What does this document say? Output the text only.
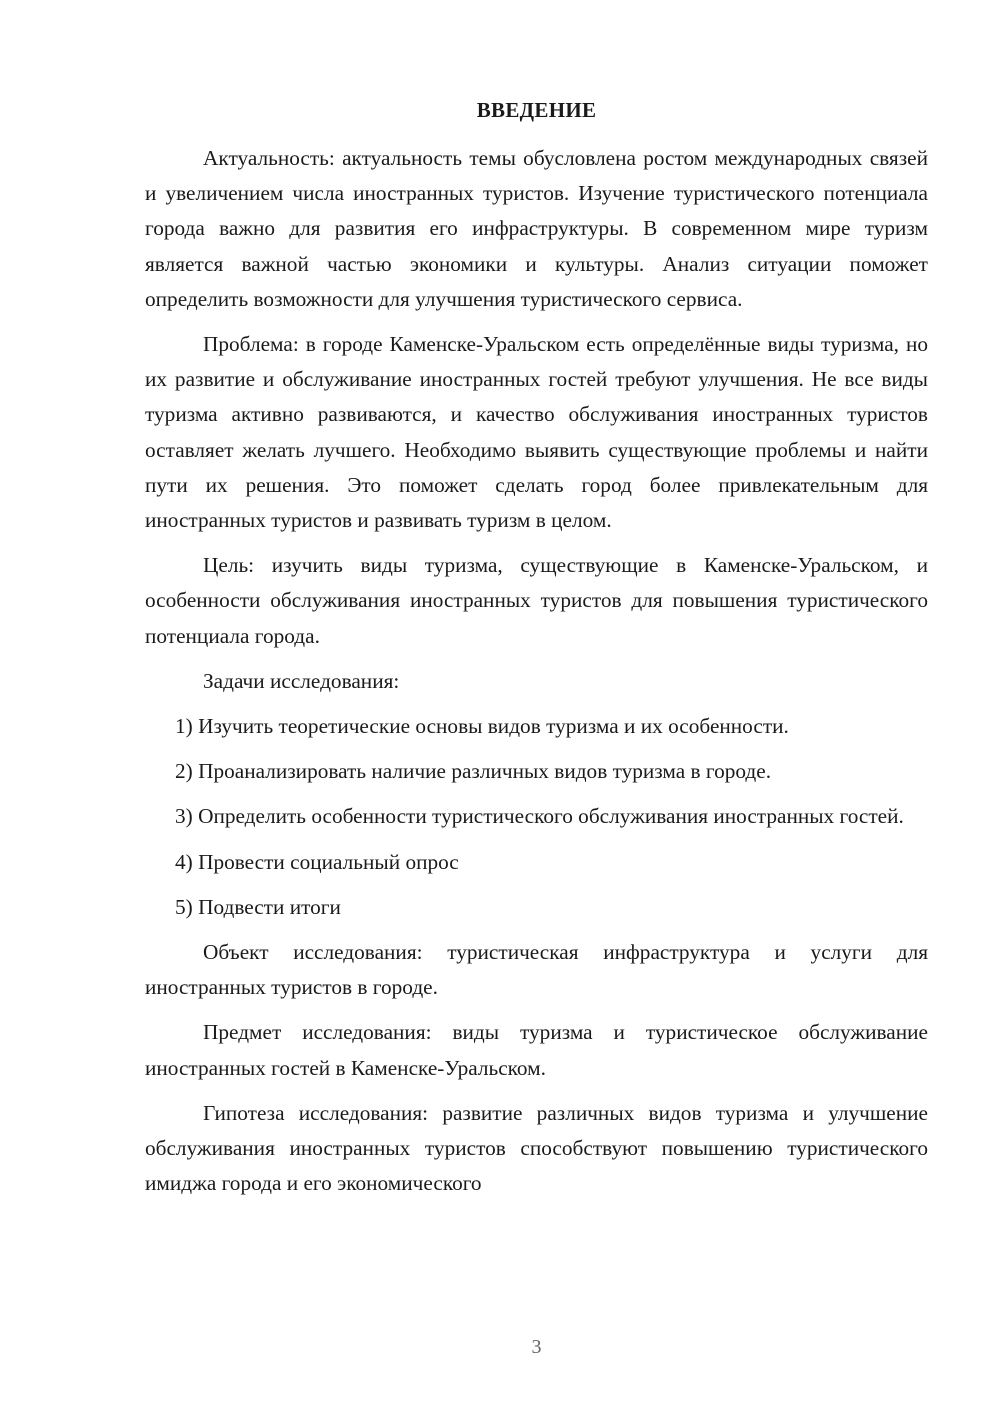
ВВЕДЕНИЕ

Актуальность: актуальность темы обусловлена ростом международных связей и увеличением числа иностранных туристов. Изучение туристического потенциала города важно для развития его инфраструктуры. В современном мире туризм является важной частью экономики и культуры. Анализ ситуации поможет определить возможности для улучшения туристического сервиса.

Проблема: в городе Каменске-Уральском есть определённые виды туризма, но их развитие и обслуживание иностранных гостей требуют улучшения. Не все виды туризма активно развиваются, и качество обслуживания иностранных туристов оставляет желать лучшего. Необходимо выявить существующие проблемы и найти пути их решения. Это поможет сделать город более привлекательным для иностранных туристов и развивать туризм в целом.

Цель: изучить виды туризма, существующие в Каменске-Уральском, и особенности обслуживания иностранных туристов для повышения туристического потенциала города.

Задачи исследования:

1) Изучить теоретические основы видов туризма и их особенности.

2) Проанализировать наличие различных видов туризма в городе.

3) Определить особенности туристического обслуживания иностранных гостей.

4) Провести социальный опрос

5) Подвести итоги

Объект исследования: туристическая инфраструктура и услуги для иностранных туристов в городе.

Предмет исследования: виды туризма и туристическое обслуживание иностранных гостей в Каменске-Уральском.

Гипотеза исследования: развитие различных видов туризма и улучшение обслуживания иностранных туристов способствуют повышению туристического имиджа города и его экономического

3
